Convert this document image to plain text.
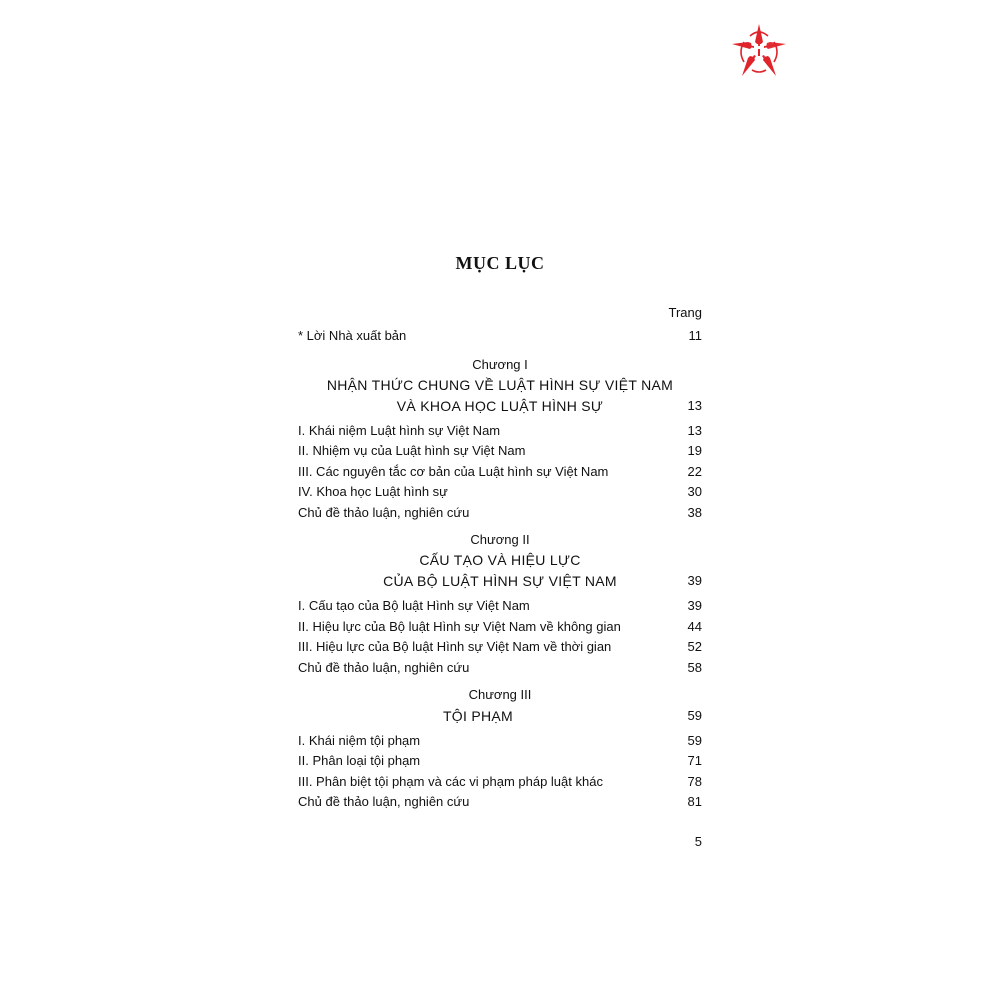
MỤC LỤC
Trang
* Lời Nhà xuất bản	11
Chương I
NHẬN THỨC CHUNG VỀ LUẬT HÌNH SỰ VIỆT NAM
VÀ KHOA HỌC LUẬT HÌNH SỰ	13
I. Khái niệm Luật hình sự Việt Nam	13
II. Nhiệm vụ của Luật hình sự Việt Nam	19
III. Các nguyên tắc cơ bản của Luật hình sự Việt Nam	22
IV. Khoa học Luật hình sự	30
Chủ đề thảo luận, nghiên cứu	38
Chương II
CẤU TẠO VÀ HIỆU LỰC
CỦA BỘ LUẬT HÌNH SỰ VIỆT NAM	39
I. Cấu tạo của Bộ luật Hình sự Việt Nam	39
II. Hiệu lực của Bộ luật Hình sự Việt Nam về không gian	44
III. Hiệu lực của Bộ luật Hình sự Việt Nam về thời gian	52
Chủ đề thảo luận, nghiên cứu	58
Chương III
TỘI PHẠM	59
I. Khái niệm tội phạm	59
II. Phân loại tội phạm	71
III. Phân biệt tội phạm và các vi phạm pháp luật khác	78
Chủ đề thảo luận, nghiên cứu	81
5
